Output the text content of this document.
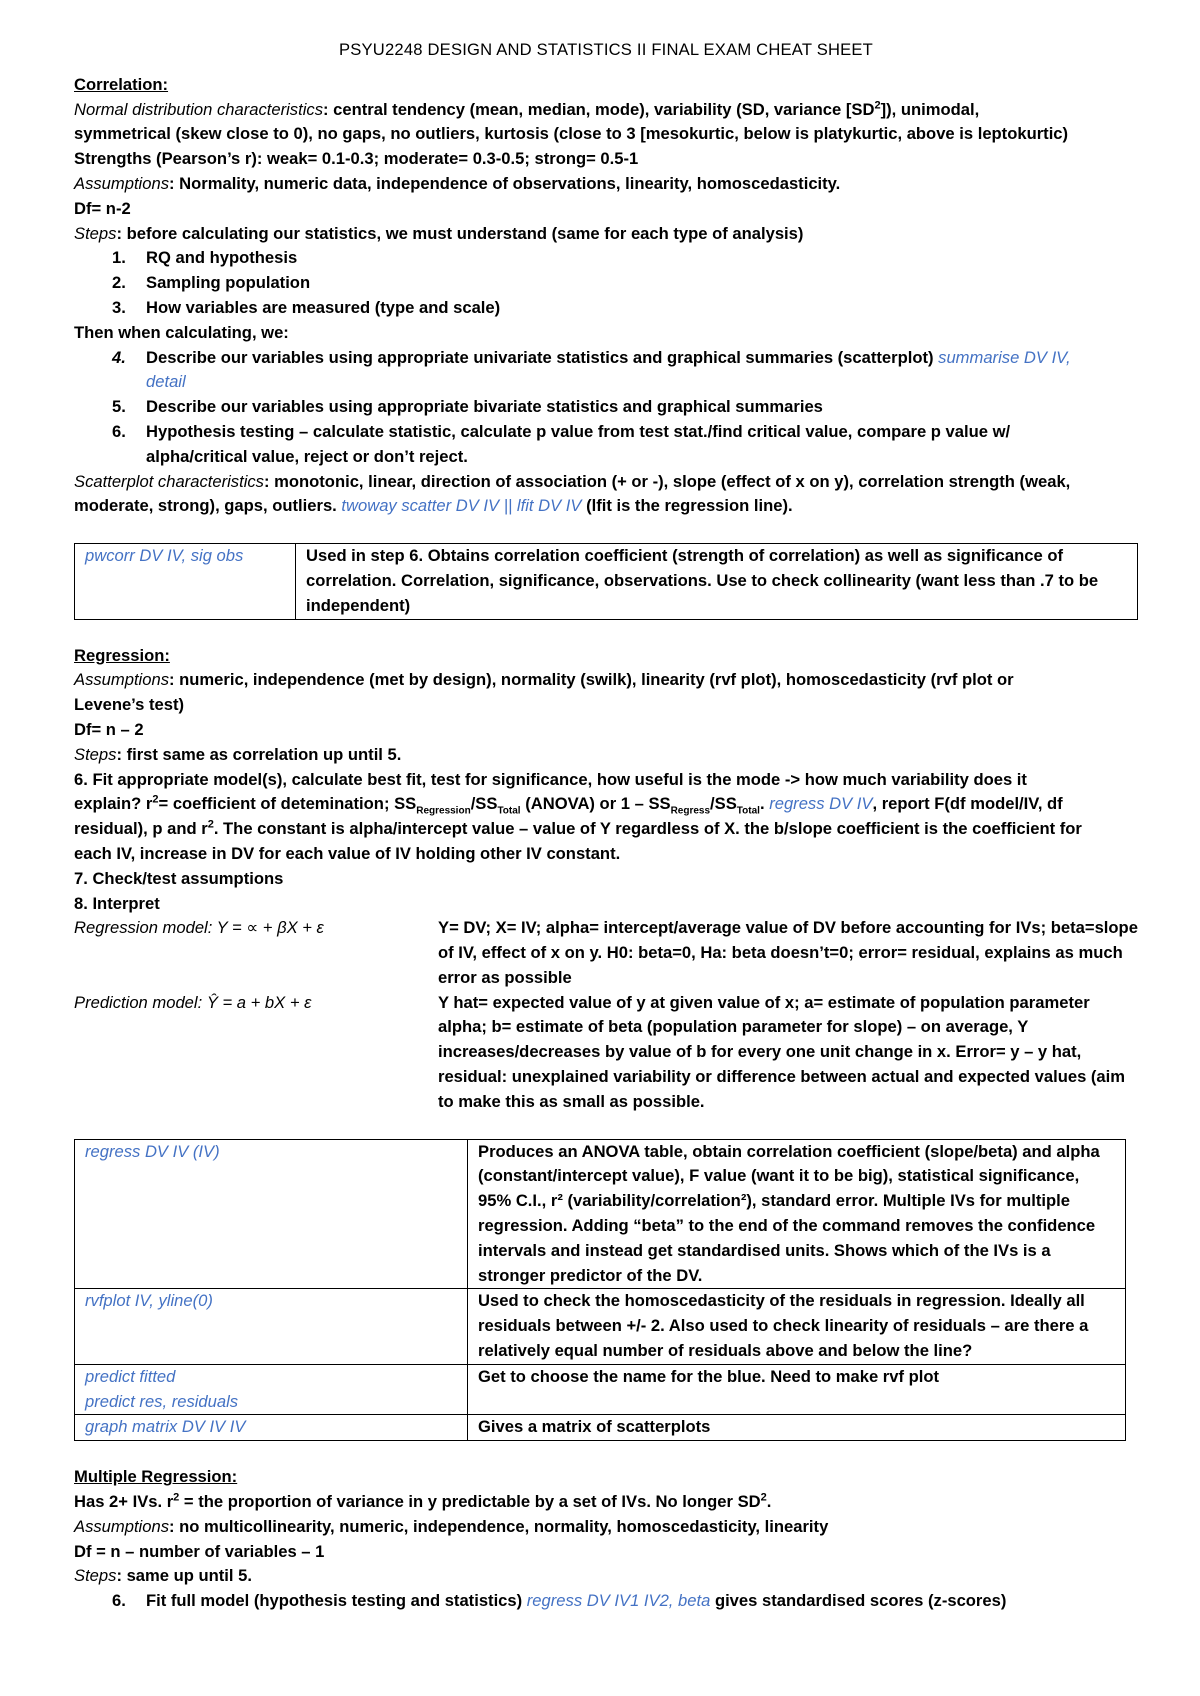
PSYU2248 DESIGN AND STATISTICS II FINAL EXAM CHEAT SHEET

Correlation:

Normal distribution characteristics: central tendency (mean, median, mode), variability (SD, variance $[SD^2]$), unimodal,

symmetrical (skew close to 0), no gaps, no outliers, kurtosis (close to 3 [mesokurtic, below is platykurtic, above is leptokurtic)

Strengths (Pearson’s r): weak= 0.1-0.3; moderate= 0.3-0.5; strong= 0.5-1

Assumptions: Normality, numeric data, independence of observations, linearity, homoscedasticity.

Df= n-2

Steps: before calculating our statistics, we must understand (same for each type of analysis)

1. RQ and hypothesis
2. Sampling population
3. How variables are measured (type and scale)

Then when calculating, we:

4. Describe our variables using appropriate univariate statistics and graphical summaries (scatterplot) summarise DV IV,
detail
5. Describe our variables using appropriate bivariate statistics and graphical summaries
6. Hypothesis testing – calculate statistic, calculate p value from test stat./find critical value, compare p value w/
alpha/critical value, reject or don’t reject.

Scatterplot characteristics: monotonic, linear, direction of association (+ or -), slope (effect of x on y), correlation strength (weak,

moderate, strong), gaps, outliers. twoway scatter DV IV || lfit DV IV (lfit is the regression line).

pwcorr DV IV, sig obs	Used in step 6. Obtains correlation coefficient (strength of correlation) as well as significance of correlation. Correlation, significance, observations. Use to check collinearity (want less than .7 to be independent)

Regression:

Assumptions: numeric, independence (met by design), normality (swilk), linearity (rvf plot), homoscedasticity (rvf plot or

Levene’s test)

Df= n – 2

Steps: first same as correlation up until 5.

6. Fit appropriate model(s), calculate best fit, test for significance, how useful is the mode -> how much variability does it

explain? $r^2=$ coefficient of detemination; $SS_{Regression}/SS_{Total}$ (ANOVA) or $1 - SS_{Regress}/SS_{Total}$. regress DV IV, report F(df model/IV, df

residual), p and $r^2$. The constant is alpha/intercept value – value of Y regardless of X. the b/slope coefficient is the coefficient for

each IV, increase in DV for each value of IV holding other IV constant.

7. Check/test assumptions

8. Interpret

Regression model: Y = ∝ + βX + ε	Y= DV; X= IV; alpha= intercept/average value of DV before accounting for IVs; beta=slope of IV, effect of x on y. H0: beta=0, Ha: beta doesn’t=0; error= residual, explains as much error as possible
Prediction model: Ŷ = a + bX + ε	Y hat= expected value of y at given value of x; a= estimate of population parameter alpha; b= estimate of beta (population parameter for slope) – on average, Y increases/decreases by value of b for every one unit change in x. Error= y – y hat, residual: unexplained variability or difference between actual and expected values (aim to make this as small as possible.
regress DV IV (IV)	Produces an ANOVA table, obtain correlation coefficient (slope/beta) and alpha (constant/intercept value), F value (want it to be big), statistical significance, 95% C.I., r² (variability/correlation²), standard error. Multiple IVs for multiple regression. Adding “beta” to the end of the command removes the confidence intervals and instead get standardised units. Shows which of the IVs is a stronger predictor of the DV.
rvfplot IV, yline(0)	Used to check the homoscedasticity of the residuals in regression. Ideally all residuals between +/- 2. Also used to check linearity of residuals – are there a relatively equal number of residuals above and below the line?
predict fitted
predict res, residuals	Get to choose the name for the blue. Need to make rvf plot
graph matrix DV IV IV	Gives a matrix of scatterplots

Multiple Regression:

Has 2+ IVs. $r^2$ = the proportion of variance in y predictable by a set of IVs. No longer $SD^2$.

Assumptions: no multicollinearity, numeric, independence, normality, homoscedasticity, linearity

Df = n – number of variables – 1

Steps: same up until 5.

6. Fit full model (hypothesis testing and statistics) regress DV IV1 IV2, beta gives standardised scores (z-scores)
